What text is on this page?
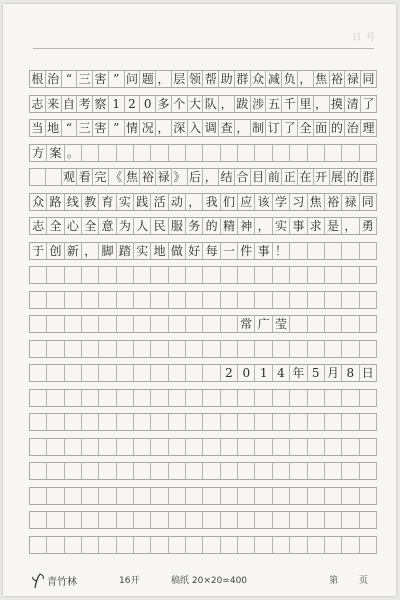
日 号
根 治 “ 三 害 ” 问 题 ， 层 领 帮 助 群 众 减 负 ， 焦 裕 禄 同
志 来 自 考 察 1 2 0 多 个 大 队 ， 跋 涉 五 千 里 ， 摸 清 了
当 地 “ 三 害 ” 情 况 ， 深 入 调 查 ， 制 订 了 全 面 的 治 理
方 案 。
观 看 完 《 焦 裕 禄 》 后 ， 结 合 目 前 正 在 开 展 的 群
众 路 线 教 育 实 践 活 动 ， 我 们 应 该 学 习 焦 裕 禄 同
志 全 心 全 意 为 人 民 服 务 的 精 神 ， 实 事 求 是 ， 勇
于 创 新 ， 脚 踏 实 地 做 好 每 一 件 事 ！
常 广 莹
2 0 1 4 年 5 月 8 日
青竹林	16开	稿纸 20×20=400	第 页
